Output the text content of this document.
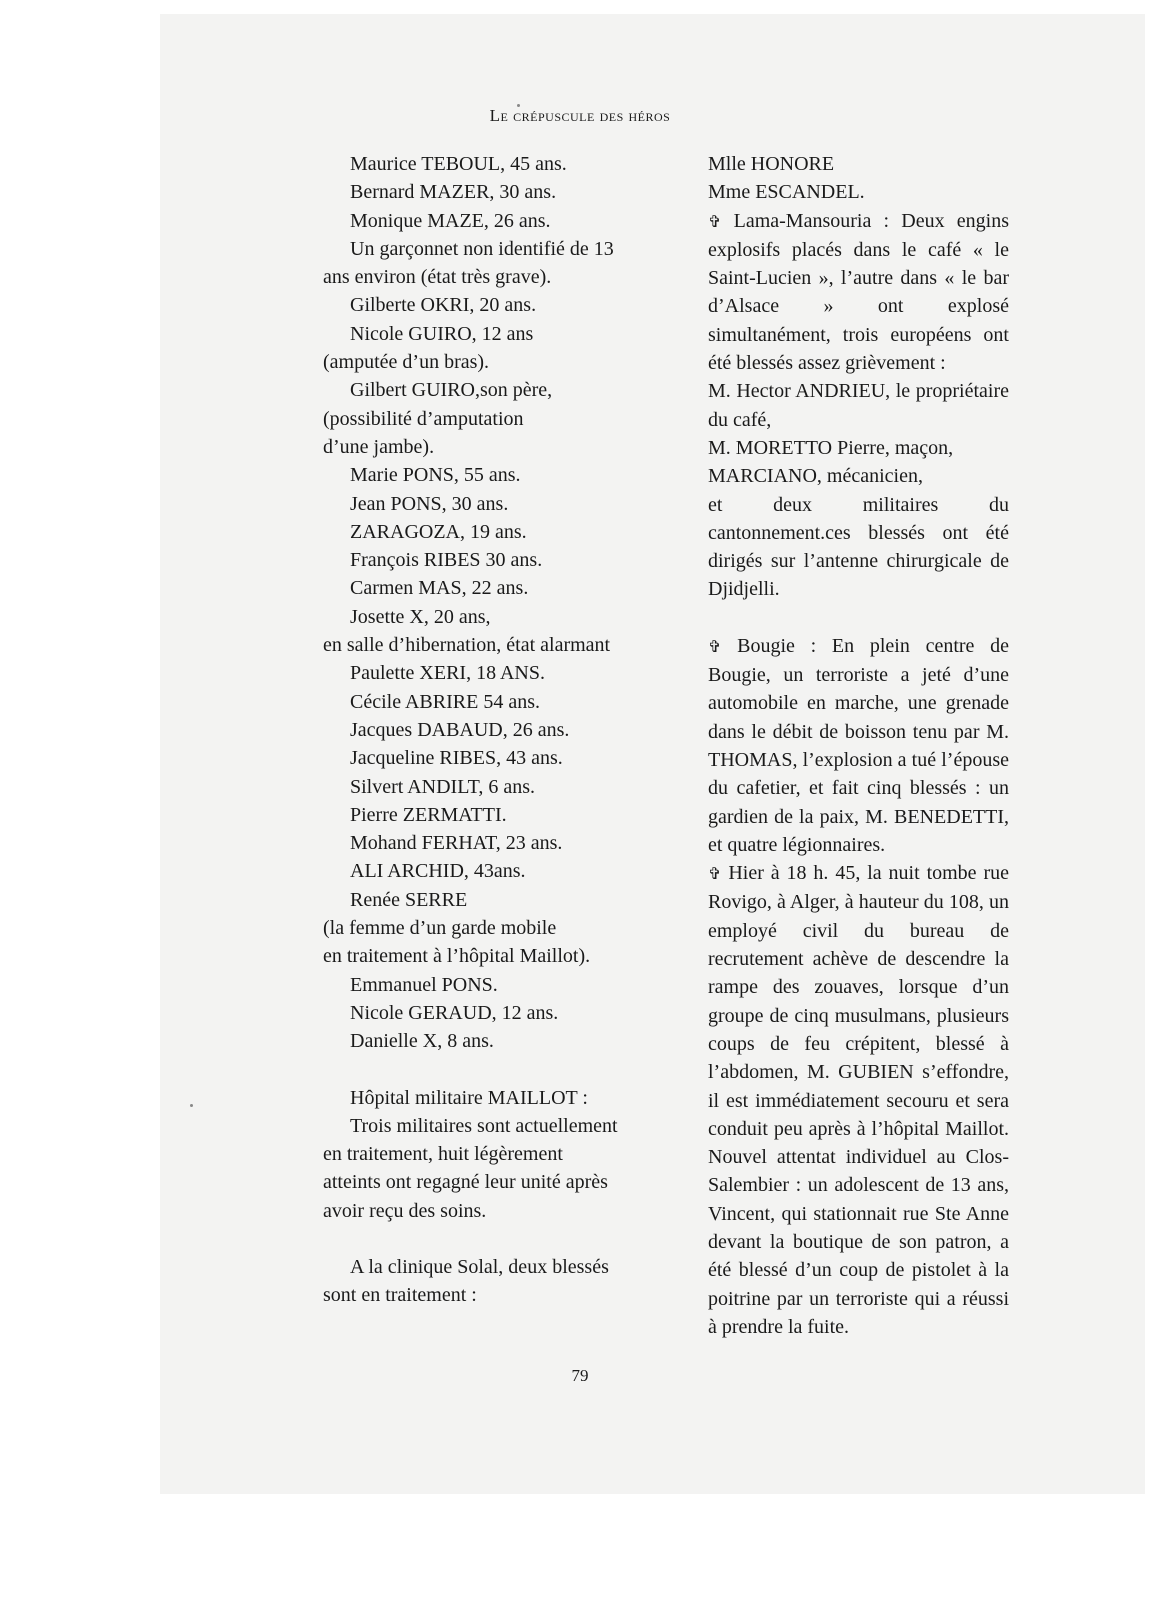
Le crépuscule des héros
Maurice TEBOUL, 45 ans.
Bernard MAZER, 30 ans.
Monique MAZE, 26 ans.
Un garçonnet non identifié de 13
ans environ (état très grave).
Gilberte OKRI, 20 ans.
Nicole GUIRO, 12 ans
(amputée d’un bras).
Gilbert GUIRO,son père,
(possibilité d’amputation
d’une jambe).
Marie PONS, 55 ans.
Jean PONS, 30 ans.
ZARAGOZA, 19 ans.
François RIBES 30 ans.
Carmen MAS, 22 ans.
Josette X, 20 ans,
en salle d’hibernation, état alarmant
Paulette XERI, 18 ANS.
Cécile ABRIRE 54 ans.
Jacques DABAUD, 26 ans.
Jacqueline RIBES, 43 ans.
Silvert ANDILT, 6 ans.
Pierre ZERMATTI.
Mohand FERHAT, 23 ans.
ALI ARCHID, 43ans.
Renée SERRE
(la femme d’un garde mobile
en traitement à l’hôpital Maillot).
Emmanuel PONS.
Nicole GERAUD, 12 ans.
Danielle X, 8 ans.
Hôpital militaire MAILLOT :
Trois militaires sont actuellement
en traitement, huit légèrement
atteints ont regagné leur unité après
avoir reçu des soins.
A la clinique Solal, deux blessés
sont en traitement :
Mlle HONORE
Mme ESCANDEL.
✞ Lama-Mansouria : Deux engins explosifs placés dans le café « le Saint-Lucien », l’autre dans « le bar d’Alsace » ont explosé simultanément, trois européens ont été blessés assez grièvement :
M. Hector ANDRIEU, le propriétaire du café,
M. MORETTO Pierre, maçon,
MARCIANO, mécanicien,
et deux militaires du cantonnement.ces blessés ont été dirigés sur l’antenne chirurgicale de Djidjelli.
✞ Bougie : En plein centre de Bougie, un terroriste a jeté d’une automobile en marche, une grenade dans le débit de boisson tenu par M. THOMAS, l’explosion a tué l’épouse du cafetier, et fait cinq blessés : un gardien de la paix, M. BENEDETTI, et quatre légionnaires.
✞ Hier à 18 h. 45, la nuit tombe rue Rovigo, à Alger, à hauteur du 108, un employé civil du bureau de recrutement achève de descendre la rampe des zouaves, lorsque d’un groupe de cinq musulmans, plusieurs coups de feu crépitent, blessé à l’abdomen, M. GUBIEN s’effondre, il est immédiatement secouru et sera conduit peu après à l’hôpital Maillot. Nouvel attentat individuel au Clos-Salembier : un adolescent de 13 ans, Vincent, qui stationnait rue Ste Anne devant la boutique de son patron, a été blessé d’un coup de pistolet à la poitrine par un terroriste qui a réussi à prendre la fuite.
79
